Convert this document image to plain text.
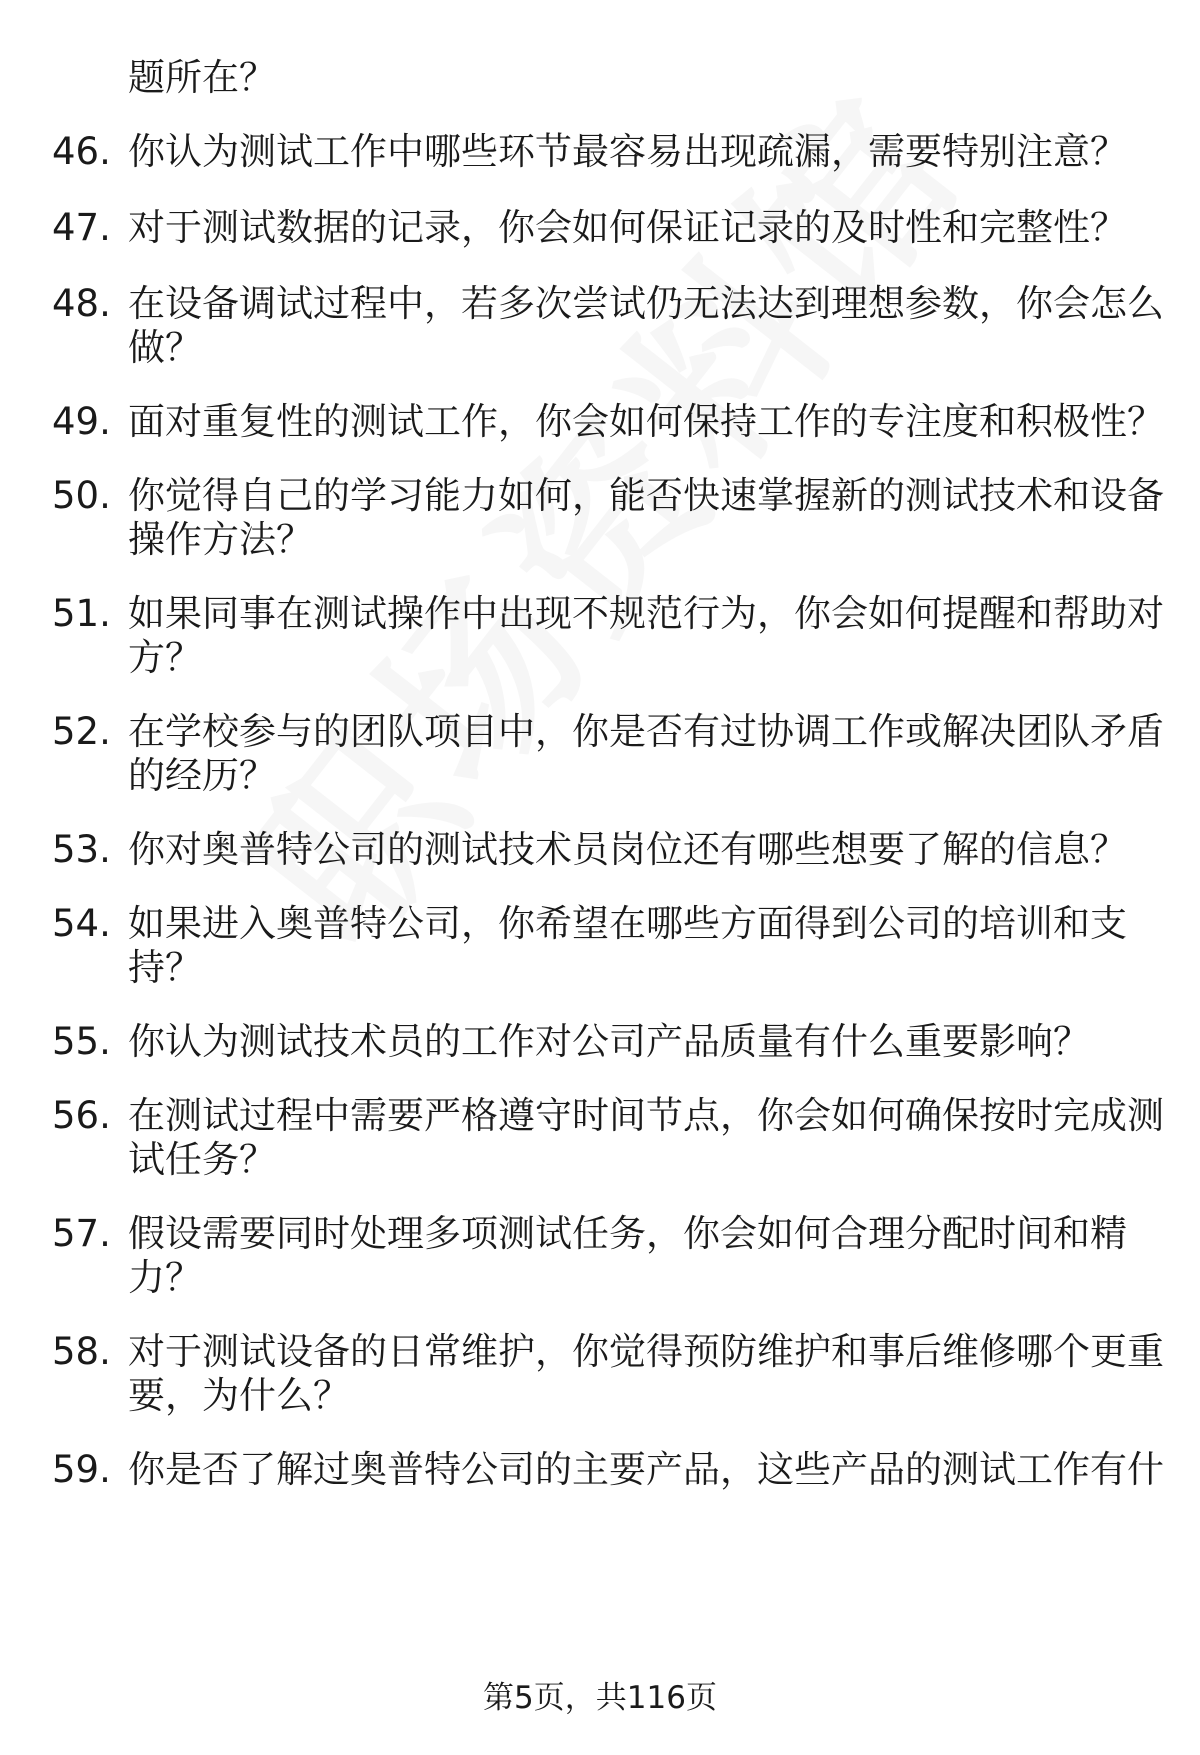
题所在？
46. 你认为测试工作中哪些环节最容易出现疏漏，需要特别注意？
47. 对于测试数据的记录，你会如何保证记录的及时性和完整性？
48. 在设备调试过程中，若多次尝试仍无法达到理想参数，你会怎么
做？
49. 面对重复性的测试工作，你会如何保持工作的专注度和积极性？
50. 你觉得自己的学习能力如何，能否快速掌握新的测试技术和设备
操作方法？
51. 如果同事在测试操作中出现不规范行为，你会如何提醒和帮助对
方？
52. 在学校参与的团队项目中，你是否有过协调工作或解决团队矛盾
的经历？
53. 你对奥普特公司的测试技术员岗位还有哪些想要了解的信息？
54. 如果进入奥普特公司，你希望在哪些方面得到公司的培训和支
持？
55. 你认为测试技术员的工作对公司产品质量有什么重要影响？
56. 在测试过程中需要严格遵守时间节点，你会如何确保按时完成测
试任务？
57. 假设需要同时处理多项测试任务，你会如何合理分配时间和精
力？
58. 对于测试设备的日常维护，你觉得预防维护和事后维修哪个更重
要，为什么？
59. 你是否了解过奥普特公司的主要产品，这些产品的测试工作有什
第5页，共116页
